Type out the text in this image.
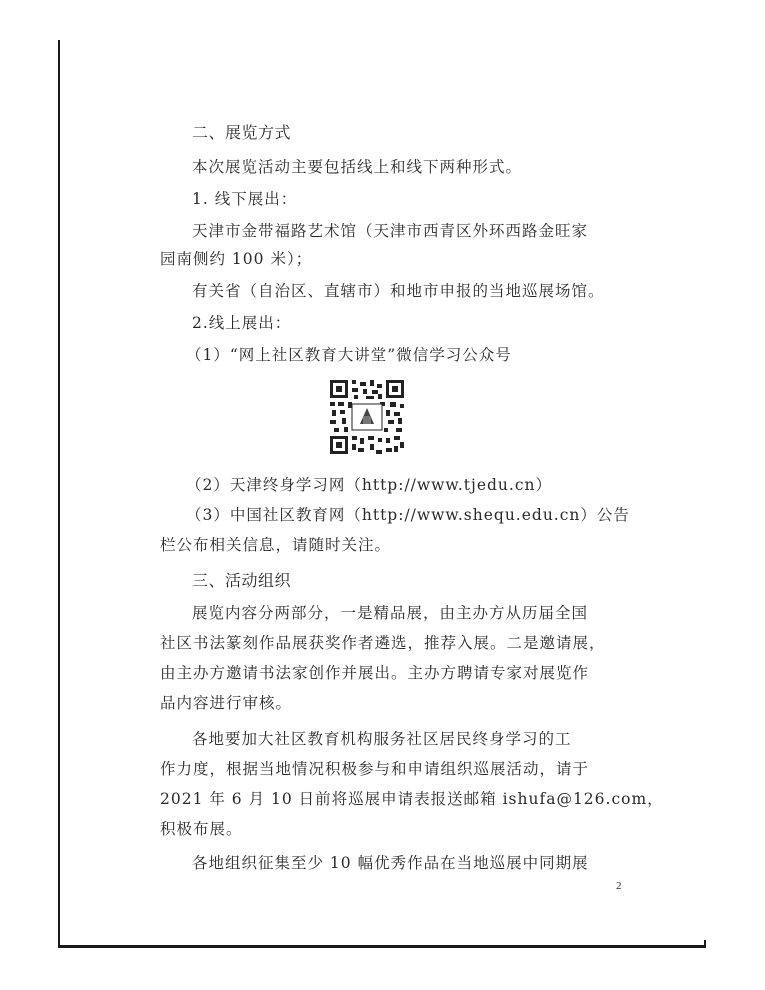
二、展览方式
本次展览活动主要包括线上和线下两种形式。
1. 线下展出：
天津市金带福路艺术馆（天津市西青区外环西路金旺家
园南侧约 100 米）；
有关省（自治区、直辖市）和地市申报的当地巡展场馆。
2.线上展出：
（1）“网上社区教育大讲堂”微信学习公众号
（2）天津终身学习网（http://www.tjedu.cn）
（3）中国社区教育网（http://www.shequ.edu.cn）公告
栏公布相关信息，请随时关注。
三、活动组织
展览内容分两部分，一是精品展，由主办方从历届全国
社区书法篆刻作品展获奖作者遴选，推荐入展。二是邀请展，
由主办方邀请书法家创作并展出。主办方聘请专家对展览作
品内容进行审核。
各地要加大社区教育机构服务社区居民终身学习的工
作力度，根据当地情况积极参与和申请组织巡展活动，请于
2021 年 6 月 10 日前将巡展申请表报送邮箱 ishufa@126.com，
积极布展。
各地组织征集至少 10 幅优秀作品在当地巡展中同期展
2
